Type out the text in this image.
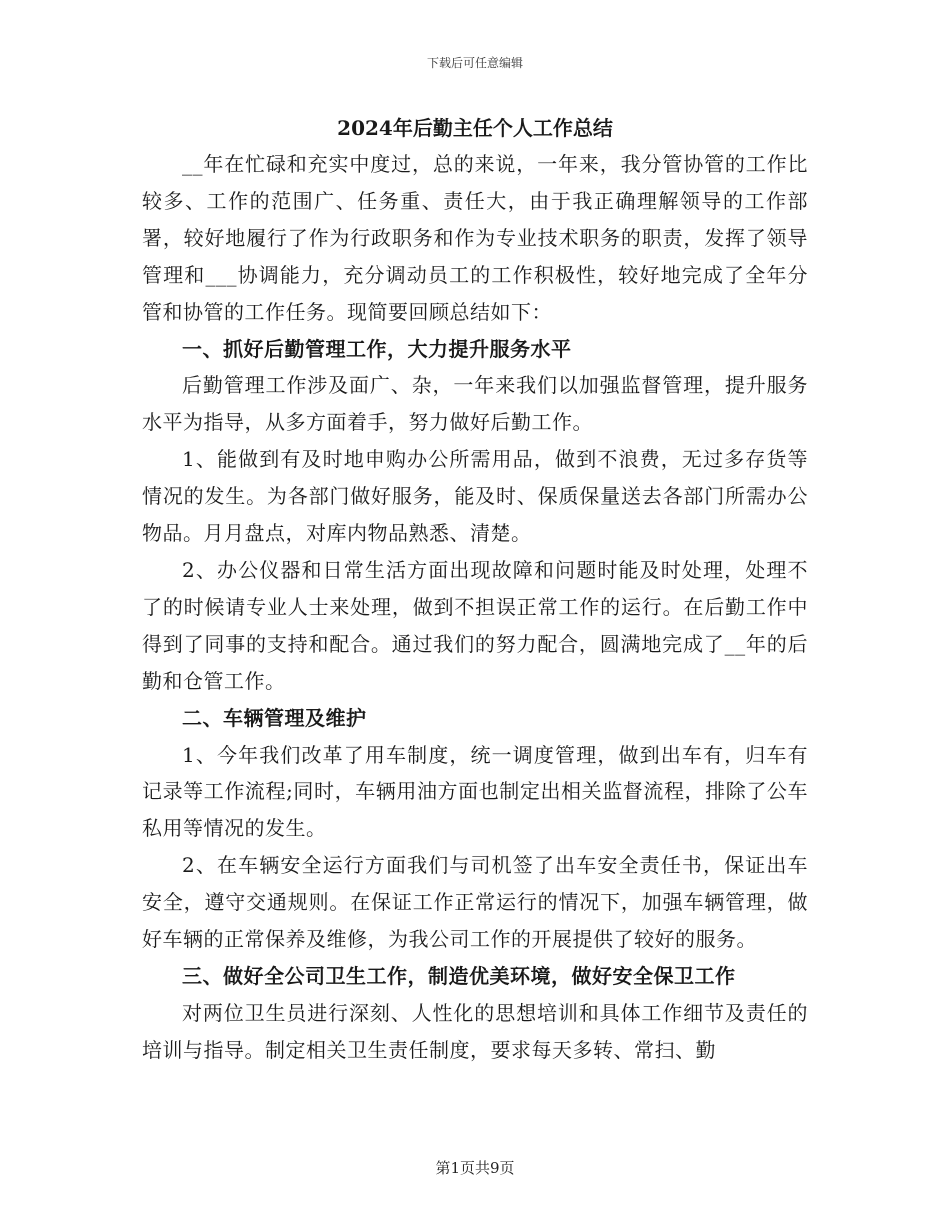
下载后可任意编辑
2024年后勤主任个人工作总结

__年在忙碌和充实中度过，总的来说，一年来，我分管协管的工作比较多、工作的范围广、任务重、责任大，由于我正确理解领导的工作部署，较好地履行了作为行政职务和作为专业技术职务的职责，发挥了领导管理和___协调能力，充分调动员工的工作积极性，较好地完成了全年分管和协管的工作任务。现简要回顾总结如下：

一、抓好后勤管理工作，大力提升服务水平

后勤管理工作涉及面广、杂，一年来我们以加强监督管理，提升服务水平为指导，从多方面着手，努力做好后勤工作。

1、能做到有及时地申购办公所需用品，做到不浪费，无过多存货等情况的发生。为各部门做好服务，能及时、保质保量送去各部门所需办公物品。月月盘点，对库内物品熟悉、清楚。

2、办公仪器和日常生活方面出现故障和问题时能及时处理，处理不了的时候请专业人士来处理，做到不担误正常工作的运行。在后勤工作中得到了同事的支持和配合。通过我们的努力配合，圆满地完成了__年的后勤和仓管工作。

二、车辆管理及维护

1、今年我们改革了用车制度，统一调度管理，做到出车有，归车有记录等工作流程;同时，车辆用油方面也制定出相关监督流程，排除了公车私用等情况的发生。

2、在车辆安全运行方面我们与司机签了出车安全责任书，保证出车安全，遵守交通规则。在保证工作正常运行的情况下，加强车辆管理，做好车辆的正常保养及维修，为我公司工作的开展提供了较好的服务。

三、做好全公司卫生工作，制造优美环境，做好安全保卫工作

对两位卫生员进行深刻、人性化的思想培训和具体工作细节及责任的培训与指导。制定相关卫生责任制度，要求每天多转、常扫、勤

第1页共9页
